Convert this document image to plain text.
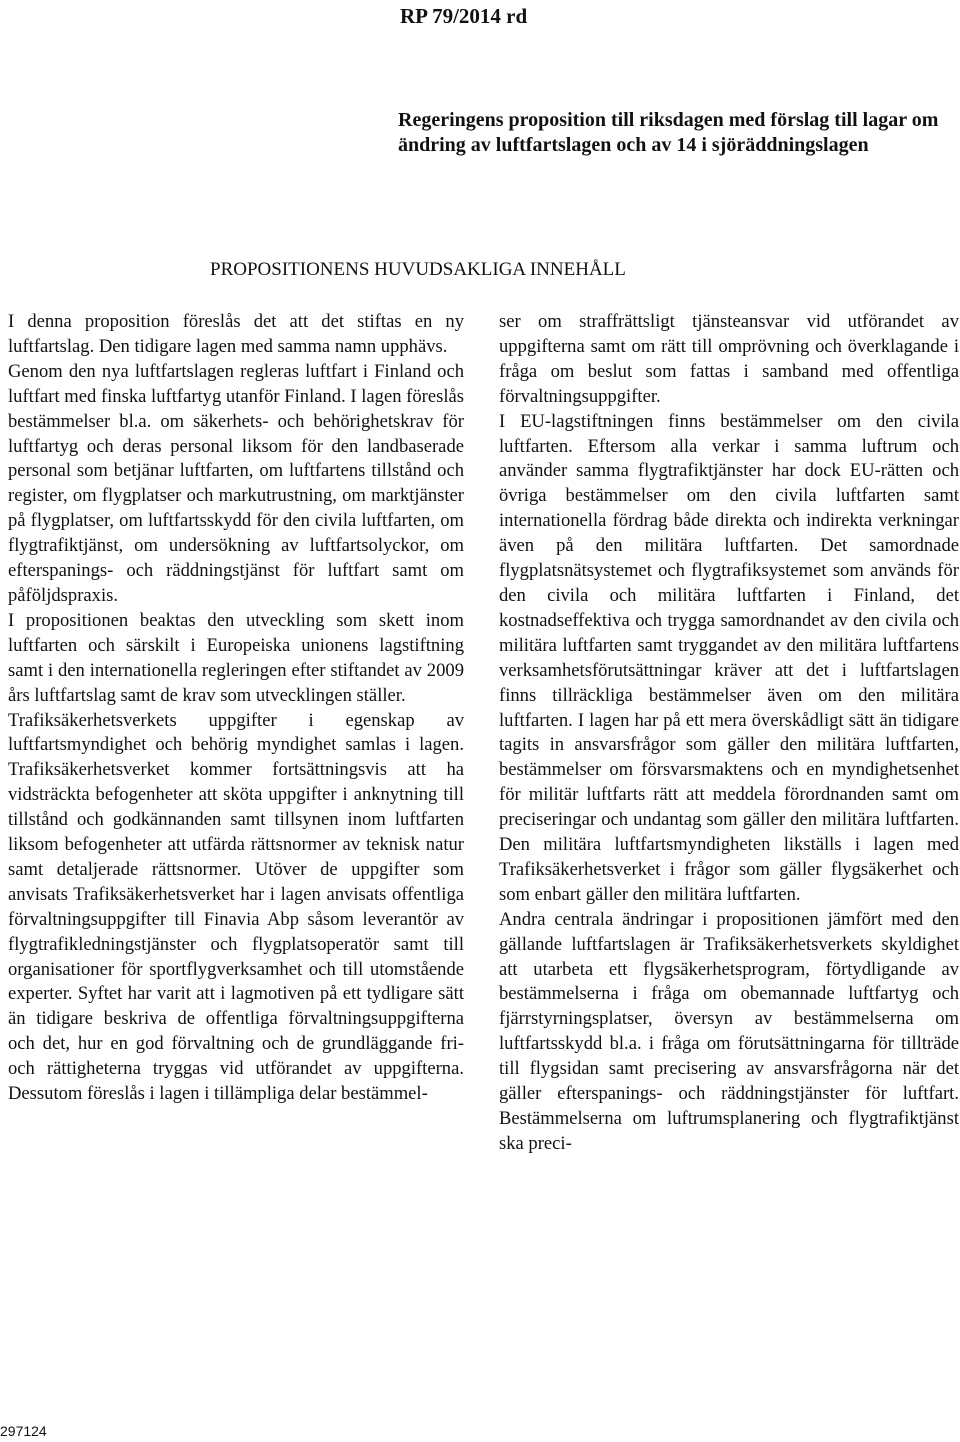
RP 79/2014 rd
Regeringens proposition till riksdagen med förslag till lagar om ändring av luftfartslagen och av 14 i sjöräddningslagen
PROPOSITIONENS HUVUDSAKLIGA INNEHÅLL

I denna proposition föreslås det att det stiftas en ny luftfartslag. Den tidigare lagen med samma namn upphävs.

Genom den nya luftfartslagen regleras luftfart i Finland och luftfart med finska luftfartyg utanför Finland. I lagen föreslås bestämmelser bl.a. om säkerhets- och behörighetskrav för luftfartyg och deras personal liksom för den landbaserade personal som betjänar luftfarten, om luftfartens tillstånd och register, om flygplatser och markutrustning, om marktjänster på flygplatser, om luftfartsskydd för den civila luftfarten, om flygtrafiktjänst, om undersökning av luftfartsolyckor, om efterspanings- och räddningstjänst för luftfart samt om påföljdspraxis.

I propositionen beaktas den utveckling som skett inom luftfarten och särskilt i Europeiska unionens lagstiftning samt i den internationella regleringen efter stiftandet av 2009 års luftfartslag samt de krav som utvecklingen ställer.

Trafiksäkerhetsverkets uppgifter i egenskap av luftfartsmyndighet och behörig myndighet samlas i lagen. Trafiksäkerhetsverket kommer fortsättningsvis att ha vidsträckta befogenheter att sköta uppgifter i anknytning till tillstånd och godkännanden samt tillsynen inom luftfarten liksom befogenheter att utfärda rättsnormer av teknisk natur samt detaljerade rättsnormer. Utöver de uppgifter som anvisats Trafiksäkerhetsverket har i lagen anvisats offentliga förvaltningsuppgifter till Finavia Abp såsom leverantör av flygtrafikledningstjänster och flygplatsoperatör samt till organisationer för sportflygverksamhet och till utomstående experter. Syftet har varit att i lagmotiven på ett tydligare sätt än tidigare beskriva de offentliga förvaltningsuppgifterna och det, hur en god förvaltning och de grundläggande fri- och rättigheterna tryggas vid utförandet av uppgifterna. Dessutom föreslås i lagen i tillämpliga delar bestämmel-

ser om straffrättsligt tjänsteansvar vid utförandet av uppgifterna samt om rätt till omprövning och överklagande i fråga om beslut som fattas i samband med offentliga förvaltningsuppgifter.

I EU-lagstiftningen finns bestämmelser om den civila luftfarten. Eftersom alla verkar i samma luftrum och använder samma flygtrafiktjänster har dock EU-rätten och övriga bestämmelser om den civila luftfarten samt internationella fördrag både direkta och indirekta verkningar även på den militära luftfarten. Det samordnade flygplatsnätsystemet och flygtrafiksystemet som används för den civila och militära luftfarten i Finland, det kostnadseffektiva och trygga samordnandet av den civila och militära luftfarten samt tryggandet av den militära luftfartens verksamhetsförutsättningar kräver att det i luftfartslagen finns tillräckliga bestämmelser även om den militära luftfarten. I lagen har på ett mera överskådligt sätt än tidigare tagits in ansvarsfrågor som gäller den militära luftfarten, bestämmelser om försvarsmaktens och en myndighetsenhet för militär luftfarts rätt att meddela förordnanden samt om preciseringar och undantag som gäller den militära luftfarten. Den militära luftfartsmyndigheten likställs i lagen med Trafiksäkerhetsverket i frågor som gäller flygsäkerhet och som enbart gäller den militära luftfarten.

Andra centrala ändringar i propositionen jämfört med den gällande luftfartslagen är Trafiksäkerhetsverkets skyldighet att utarbeta ett flygsäkerhetsprogram, förtydligande av bestämmelserna i fråga om obemannade luftfartyg och fjärrstyrningsplatser, översyn av bestämmelserna om luftfartsskydd bl.a. i fråga om förutsättningarna för tillträde till flygsidan samt precisering av ansvarsfrågorna när det gäller efterspanings- och räddningstjänster för luftfart. Bestämmelserna om luftrumsplanering och flygtrafiktjänst ska preci-

297124
